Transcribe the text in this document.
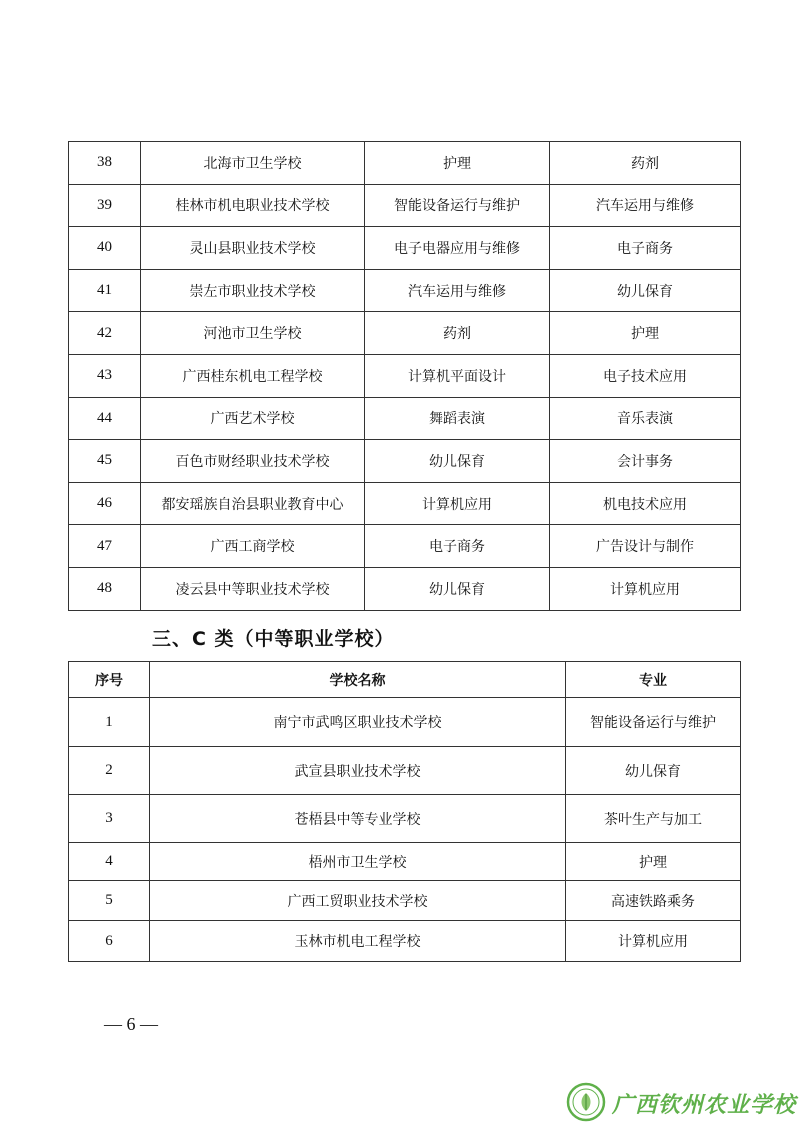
38	北海市卫生学校	护理	药剂
39	桂林市机电职业技术学校	智能设备运行与维护	汽车运用与维修
40	灵山县职业技术学校	电子电器应用与维修	电子商务
41	崇左市职业技术学校	汽车运用与维修	幼儿保育
42	河池市卫生学校	药剂	护理
43	广西桂东机电工程学校	计算机平面设计	电子技术应用
44	广西艺术学校	舞蹈表演	音乐表演
45	百色市财经职业技术学校	幼儿保育	会计事务
46	都安瑶族自治县职业教育中心	计算机应用	机电技术应用
47	广西工商学校	电子商务	广告设计与制作
48	凌云县中等职业技术学校	幼儿保育	计算机应用
三、C 类（中等职业学校）
序号	学校名称	专业
1	南宁市武鸣区职业技术学校	智能设备运行与维护
2	武宣县职业技术学校	幼儿保育
3	苍梧县中等专业学校	茶叶生产与加工
4	梧州市卫生学校	护理
5	广西工贸职业技术学校	高速铁路乘务
6	玉林市机电工程学校	计算机应用
— 6 —
广西钦州农业学校
